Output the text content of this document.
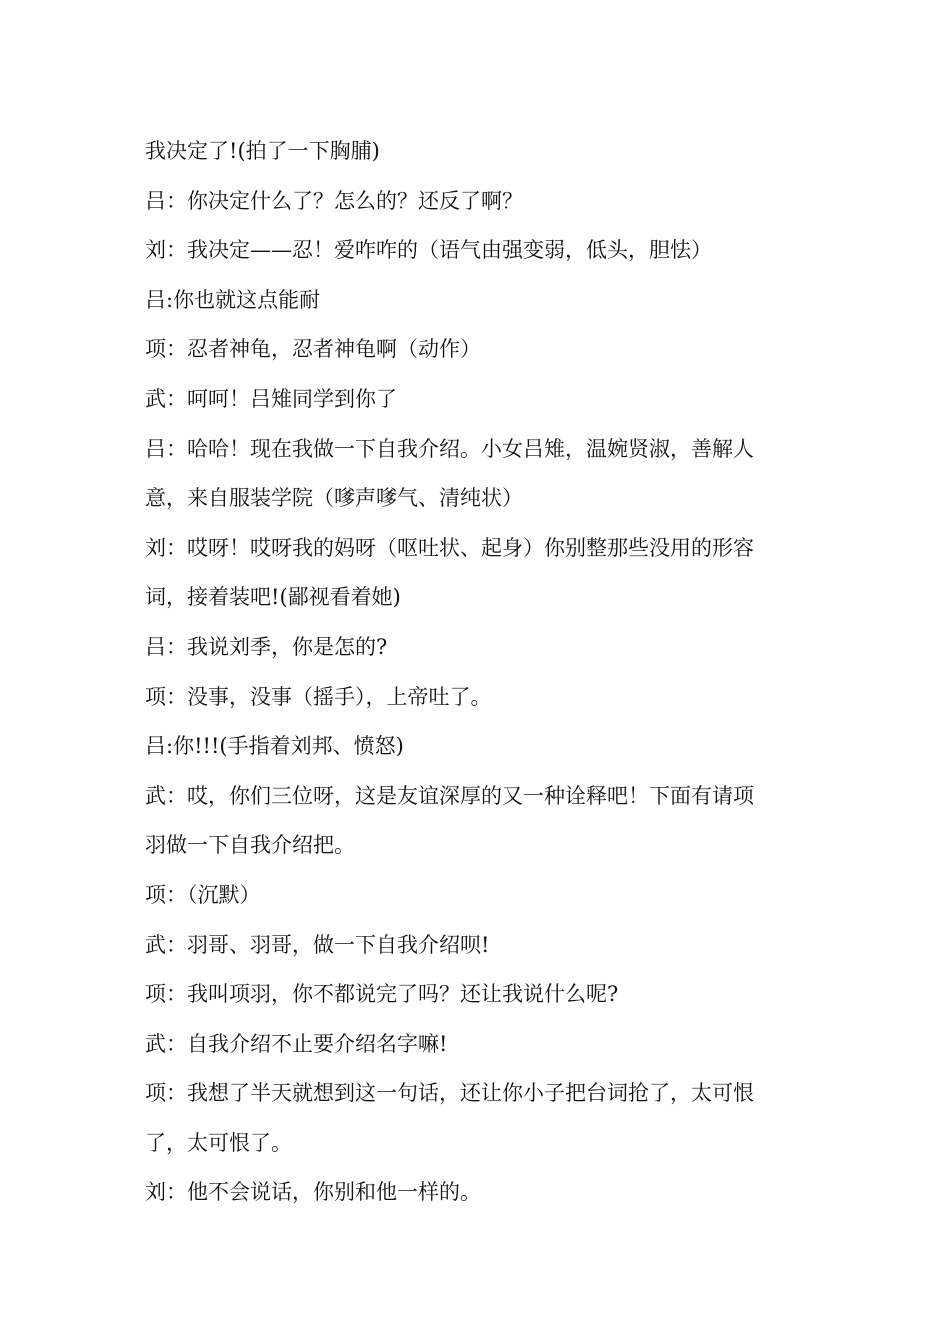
我决定了!(拍了一下胸脯)
吕：你决定什么了？怎么的？还反了啊？
刘：我决定——忍！爱咋咋的（语气由强变弱，低头，胆怯）
吕:你也就这点能耐
项：忍者神龟，忍者神龟啊（动作）
武：呵呵！吕雉同学到你了
吕：哈哈！现在我做一下自我介绍。小女吕雉，温婉贤淑，善解人
意，来自服装学院（嗲声嗲气、清纯状）
刘：哎呀！哎呀我的妈呀（呕吐状、起身）你别整那些没用的形容
词，接着装吧!(鄙视看着她)
吕：我说刘季，你是怎的?
项：没事，没事（摇手），上帝吐了。
吕:你!!!(手指着刘邦、愤怒)
武：哎，你们三位呀，这是友谊深厚的又一种诠释吧！下面有请项
羽做一下自我介绍把。
项：（沉默）
武：羽哥、羽哥，做一下自我介绍呗!
项：我叫项羽，你不都说完了吗？还让我说什么呢?
武：自我介绍不止要介绍名字嘛!
项：我想了半天就想到这一句话，还让你小子把台词抢了，太可恨
了，太可恨了。
刘：他不会说话，你别和他一样的。
